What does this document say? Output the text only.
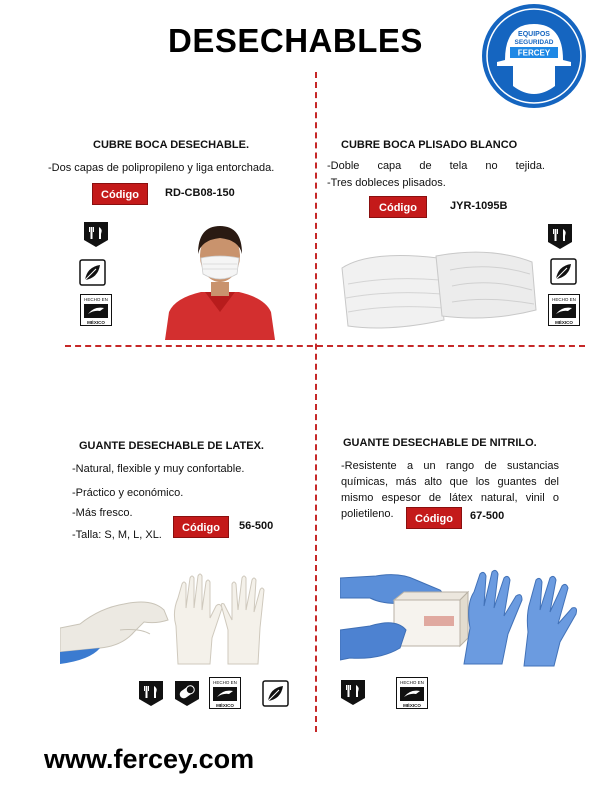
DESECHABLES	EQUIPOS
SEGURIDAD
FERCEY
CUBRE BOCA DESECHABLE.
-Dos capas de polipropileno y liga entorchada.
Código	RD-CB08-150
HECHO EN
MÉXICO
CUBRE BOCA PLISADO BLANCO
-Doble capa de tela no tejida.
-Tres dobleces plisados.
Código	JYR-1095B
HECHO EN
MÉXICO
GUANTE DESECHABLE DE LATEX.
-Natural, flexible y muy confortable.
-Práctico y económico.
-Más fresco.
-Talla: S, M, L, XL.
Código	56-500
HECHO EN
MÉXICO
GUANTE DESECHABLE DE NITRILO.
-Resistente a un rango de sustancias químicas, más alto que los guantes del mismo espesor de látex natural, vinil o polietileno.	Código	67-500
HECHO EN
MÉXICO
www.fercey.com
